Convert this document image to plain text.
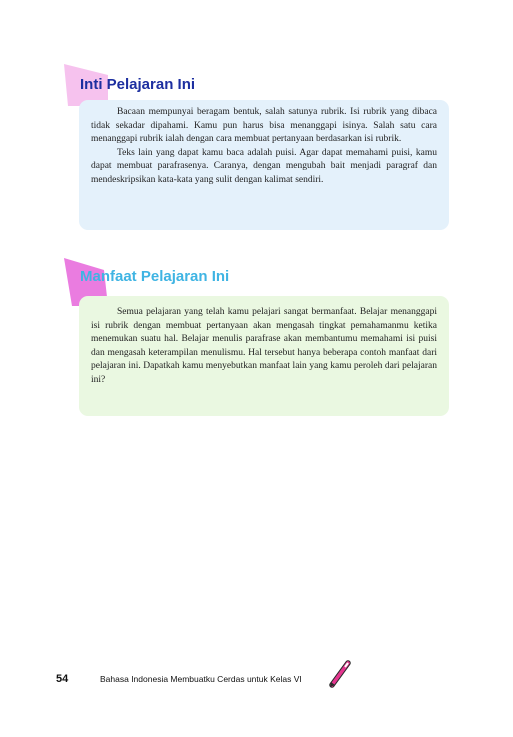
Inti Pelajaran Ini

Bacaan mempunyai beragam bentuk, salah satunya rubrik. Isi rubrik yang dibaca tidak sekadar dipahami. Kamu pun harus bisa menanggapi isinya. Salah satu cara menanggapi rubrik ialah dengan cara membuat pertanyaan berdasarkan isi rubrik.

Teks lain yang dapat kamu baca adalah puisi. Agar dapat memahami puisi, kamu dapat membuat parafrasenya. Caranya, dengan mengubah bait menjadi paragraf dan mendeskripsikan kata-kata yang sulit dengan kalimat sendiri.

Manfaat Pelajaran Ini

Semua pelajaran yang telah kamu pelajari sangat bermanfaat. Belajar menanggapi isi rubrik dengan membuat pertanyaan akan mengasah tingkat pemahamanmu ketika menemukan suatu hal. Belajar menulis parafrase akan membantumu memahami isi puisi dan mengasah keterampilan menulismu. Hal tersebut hanya beberapa contoh manfaat dari pelajaran ini. Dapatkah kamu menyebutkan manfaat lain yang kamu peroleh dari pelajaran ini?

54	Bahasa Indonesia Membuatku Cerdas untuk Kelas VI
